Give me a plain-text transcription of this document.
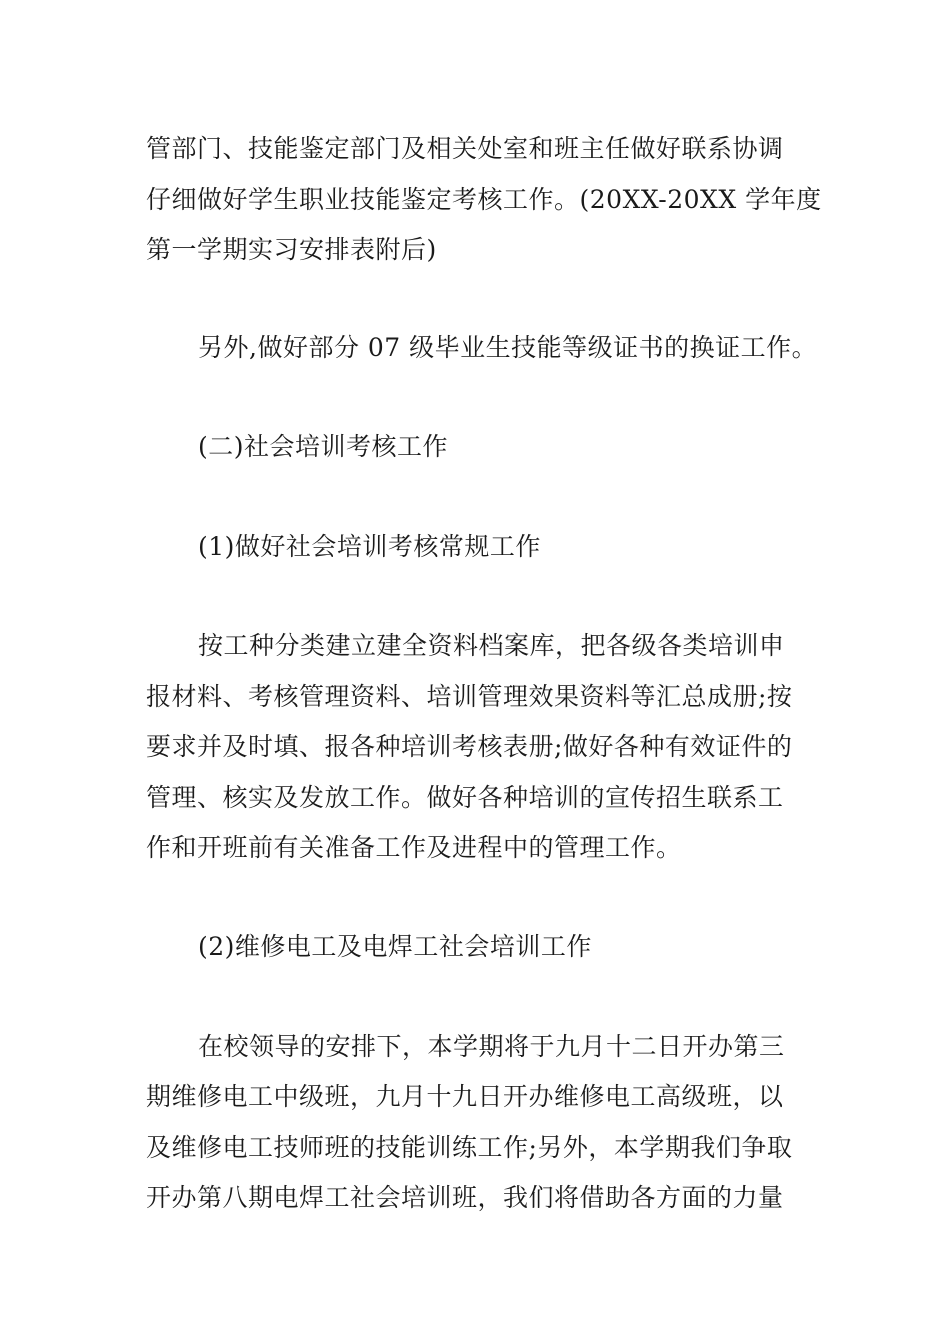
管部门、技能鉴定部门及相关处室和班主任做好联系协调
仔细做好学生职业技能鉴定考核工作。(20XX-20XX 学年度
第一学期实习安排表附后)
另外,做好部分 07 级毕业生技能等级证书的换证工作。
(二)社会培训考核工作
(1)做好社会培训考核常规工作
按工种分类建立建全资料档案库，把各级各类培训申
报材料、考核管理资料、培训管理效果资料等汇总成册;按
要求并及时填、报各种培训考核表册;做好各种有效证件的
管理、核实及发放工作。做好各种培训的宣传招生联系工
作和开班前有关准备工作及进程中的管理工作。
(2)维修电工及电焊工社会培训工作
在校领导的安排下，本学期将于九月十二日开办第三
期维修电工中级班，九月十九日开办维修电工高级班，以
及维修电工技师班的技能训练工作;另外，本学期我们争取
开办第八期电焊工社会培训班，我们将借助各方面的力量
